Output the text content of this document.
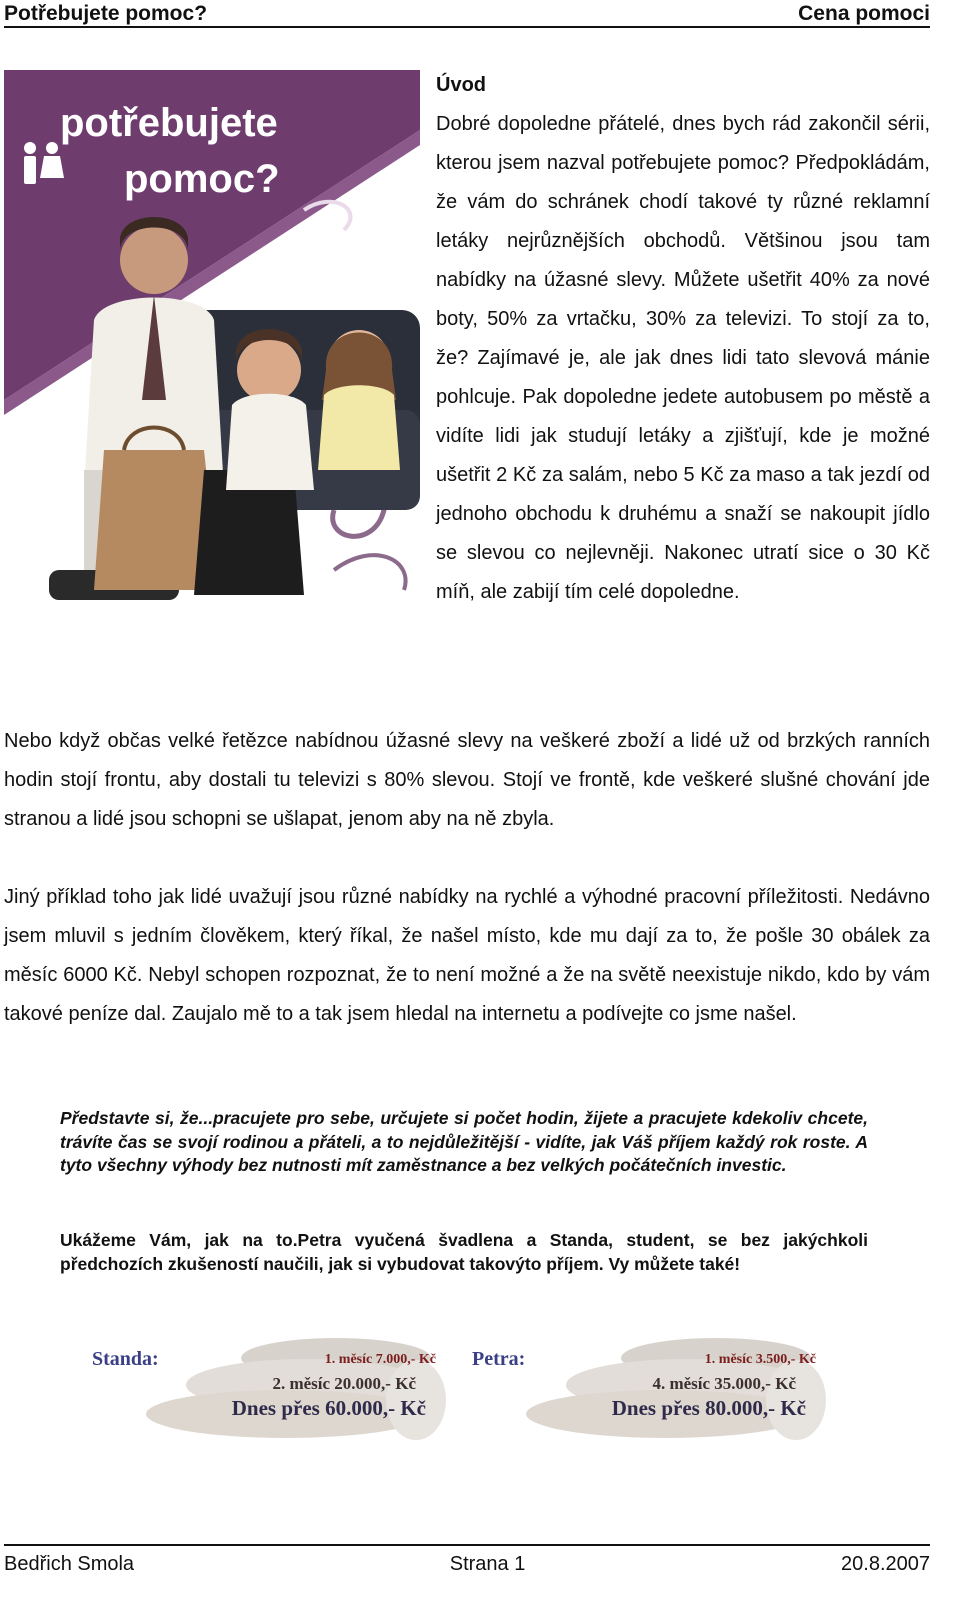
Potřebujete pomoc?	Cena pomoci
potřebujete
pomoc?
Úvod
Dobré dopoledne přátelé, dnes bych rád zakončil sérii, kterou jsem nazval potřebujete pomoc? Předpokládám, že vám do schránek chodí takové ty různé reklamní letáky nejrůznějších obchodů. Většinou jsou tam nabídky na úžasné slevy. Můžete ušetřit 40% za nové boty, 50% za vrtačku, 30% za televizi. To stojí za to, že? Zajímavé je, ale jak dnes lidi tato slevová mánie pohlcuje. Pak dopoledne jedete autobusem po městě a vidíte lidi jak studují letáky a zjišťují, kde je možné ušetřit 2 Kč za salám, nebo 5 Kč za maso a tak jezdí od jednoho obchodu k druhému a snaží se nakoupit jídlo se slevou co nejlevněji. Nakonec utratí sice o 30 Kč míň, ale zabijí tím celé dopoledne.
Nebo když občas velké řetězce nabídnou úžasné slevy na veškeré zboží a lidé už od brzkých ranních hodin stojí frontu, aby dostali tu televizi s 80% slevou. Stojí ve frontě, kde veškeré slušné chování jde stranou a lidé jsou schopni se ušlapat, jenom aby na ně zbyla.
Jiný příklad toho jak lidé uvažují jsou různé nabídky na rychlé a výhodné pracovní příležitosti. Nedávno jsem mluvil s jedním člověkem, který říkal, že našel místo, kde mu dají za to, že pošle 30 obálek za měsíc 6000 Kč. Nebyl schopen rozpoznat, že to není možné a že na světě neexistuje nikdo, kdo by vám takové peníze dal. Zaujalo mě to a tak jsem hledal na internetu a podívejte co jsme našel.
Představte si, že...pracujete pro sebe, určujete si počet hodin, žijete a pracujete kdekoliv chcete, trávíte čas se svojí rodinou a přáteli, a to nejdůležitější - vidíte, jak Váš příjem každý rok roste. A tyto všechny výhody bez nutnosti mít zaměstnance a bez velkých počátečních investic.
Ukážeme Vám, jak na to.Petra vyučená švadlena a Standa, student, se bez jakýchkoli předchozích zkušeností naučili, jak si vybudovat takovýto příjem. Vy můžete také!
Standa:	1. měsíc 7.000,- Kč
2. měsíc 20.000,- Kč
Dnes přes 60.000,- Kč
Petra:	1. měsíc 3.500,- Kč
4. měsíc 35.000,- Kč
Dnes přes 80.000,- Kč
Bedřich Smola	Strana 1	20.8.2007
